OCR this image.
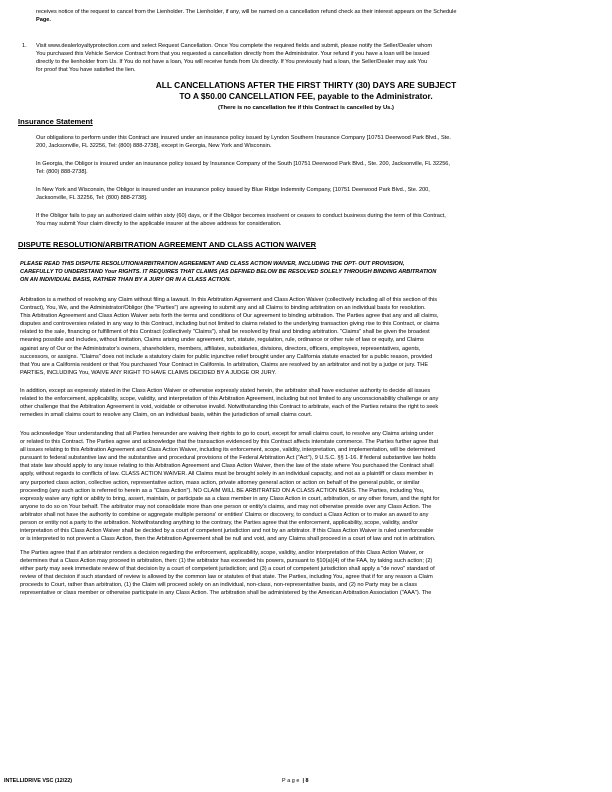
receives notice of the request to cancel from the Lienholder. The Lienholder, if any, will be named on a cancellation refund check as their interest appears on the Schedule
Page.
1. Visit www.dealerloyaltyprotection.com and select Request Cancellation. Once You complete the required fields and submit, please notify the Seller/Dealer whom
You purchased this Vehicle Service Contract from that you requested a cancellation directly from the Administrator. Your refund if you have a loan will be issued
directly to the lienholder from Us. If You do not have a loan, You will receive funds from Us directly. If You previously had a loan, the Seller/Dealer may ask You
for proof that You have satisfied the lien.
ALL CANCELLATIONS AFTER THE FIRST THIRTY (30) DAYS ARE SUBJECT
TO A $50.00 CANCELLATION FEE, payable to the Administrator.
(There is no cancellation fee if this Contract is cancelled by Us.)
Insurance Statement
Our obligations to perform under this Contract are insured under an insurance policy issued by Lyndon Southern Insurance Company [10751 Deerwood Park Blvd., Ste.
200, Jacksonville, FL 32256, Tel: (800) 888-2738], except in Georgia, New York and Wisconsin.
In Georgia, the Obligor is insured under an insurance policy issued by Insurance Company of the South [10751 Deerwood Park Blvd., Ste. 200, Jacksonville, FL 32256,
Tel: (800) 888-2738].
In New York and Wisconsin, the Obligor is insured under an insurance policy issued by Blue Ridge Indemnity Company, [10751 Deerwood Park Blvd., Ste. 200,
Jacksonville, FL 32256, Tel: (800) 888-2738].
If the Obligor fails to pay an authorized claim within sixty (60) days, or if the Obligor becomes insolvent or ceases to conduct business during the term of this Contract,
You may submit Your claim directly to the applicable insurer at the above address for consideration.
DISPUTE RESOLUTION/ARBITRATION AGREEMENT AND CLASS ACTION WAIVER
PLEASE READ THIS DISPUTE RESOLUTION/ARBITRATION AGREEMENT AND CLASS ACTION WAIVER, INCLUDING THE OPT- OUT PROVISION,
CAREFULLY TO UNDERSTAND Your RIGHTS. IT REQUIRES THAT CLAIMS (AS DEFINED BELOW BE RESOLVED SOLELY THROUGH BINDING ARBITRATION
ON AN INDIVIDUAL BASIS, RATHER THAN BY A JURY OR IN A CLASS ACTION.
Arbitration is a method of resolving any Claim without filing a lawsuit. In this Arbitration Agreement and Class Action Waiver (collectively including all of this section of this
Contract), You, We, and the Administrator/Obligor (the "Parties") are agreeing to submit any and all Claims to binding arbitration on an individual basis for resolution.
This Arbitration Agreement and Class Action Waiver sets forth the terms and conditions of Our agreement to binding arbitration. The Parties agree that any and all claims,
disputes and controversies related in any way to this Contract, including but not limited to claims related to the underlying transaction giving rise to this Contract, or claims
related to the sale, financing or fulfillment of this Contract (collectively "Claims"), shall be resolved by final and binding arbitration. "Claims" shall be given the broadest
meaning possible and includes, without limitation, Claims arising under agreement, tort, statute, regulation, rule, ordinance or other rule of law or equity, and Claims
against any of Our or the Administrator's owners, shareholders, members, affiliates, subsidiaries, divisions, directors, officers, employees, representatives, agents,
successors, or assigns. "Claims" does not include a statutory claim for public injunctive relief brought under any California statute enacted for a public reason, provided
that You are a California resident or that You purchased Your Contract in California. In arbitration, Claims are resolved by an arbitrator and not by a judge or jury. THE
PARTIES, INCLUDING You, WAIVE ANY RIGHT TO HAVE CLAIMS DECIDED BY A JUDGE OR JURY.
In addition, except as expressly stated in the Class Action Waiver or otherwise expressly stated herein, the arbitrator shall have exclusive authority to decide all issues
related to the enforcement, applicability, scope, validity, and interpretation of this Arbitration Agreement, including but not limited to any unconscionability challenge or any
other challenge that the Arbitration Agreement is void, voidable or otherwise invalid. Notwithstanding this Contract to arbitrate, each of the Parties retains the right to seek
remedies in small claims court to resolve any Claim, on an individual basis, within the jurisdiction of small claims court.
You acknowledge Your understanding that all Parties hereunder are waiving their rights to go to court, except for small claims court, to resolve any Claims arising under
or related to this Contract. The Parties agree and acknowledge that the transaction evidenced by this Contract affects interstate commerce. The Parties further agree that
all issues relating to this Arbitration Agreement and Class Action Waiver, including its enforcement, scope, validity, interpretation, and implementation, will be determined
pursuant to federal substantive law and the substantive and procedural provisions of the Federal Arbitration Act ("Act"), 9 U.S.C. §§ 1-16. If federal substantive law holds
that state law should apply to any issue relating to this Arbitration Agreement and Class Action Waiver, then the law of the state where You purchased the Contract shall
apply, without regards to conflicts of law. CLASS ACTION WAIVER. All Claims must be brought solely in an individual capacity, and not as a plaintiff or class member in
any purported class action, collective action, representative action, mass action, private attorney general action or action on behalf of the general public, or similar
proceeding (any such action is referred to herein as a "Class Action"). NO CLAIM WILL BE ARBITRATED ON A CLASS ACTION BASIS. The Parties, including You,
expressly waive any right or ability to bring, assert, maintain, or participate as a class member in any Class Action in court, arbitration, or any other forum, and the right for
anyone to do so on Your behalf. The arbitrator may not consolidate more than one person or entity's claims, and may not otherwise preside over any Class Action. The
arbitrator shall not have the authority to combine or aggregate multiple persons' or entities' Claims or discovery, to conduct a Class Action or to make an award to any
person or entity not a party to the arbitration. Notwithstanding anything to the contrary, the Parties agree that the enforcement, applicability, scope, validity, and/or
interpretation of this Class Action Waiver shall be decided by a court of competent jurisdiction and not by an arbitrator. If this Class Action Waiver is ruled unenforceable
or is interpreted to not prevent a Class Action, then the Arbitration Agreement shall be null and void, and any Claims shall proceed in a court of law and not in arbitration.
The Parties agree that if an arbitrator renders a decision regarding the enforcement, applicability, scope, validity, and/or interpretation of this Class Action Waiver, or
determines that a Class Action may proceed in arbitration, then: (1) the arbitrator has exceeded his powers, pursuant to §10(a)(4) of the FAA, by taking such action; (2)
either party may seek immediate review of that decision by a court of competent jurisdiction; and (3) a court of competent jurisdiction shall apply a "de novo" standard of
review of that decision if such standard of review is allowed by the common law or statutes of that state. The Parties, including You, agree that if for any reason a Claim
proceeds to Court, rather than arbitration, (1) the Claim will proceed solely on an individual, non-class, non-representative basis, and (2) no Party may be a class
representative or class member or otherwise participate in any Class Action. The arbitration shall be administered by the American Arbitration Association ("AAA"). The
INTELLIDRIVE VSC (12/22)	Page | 8
